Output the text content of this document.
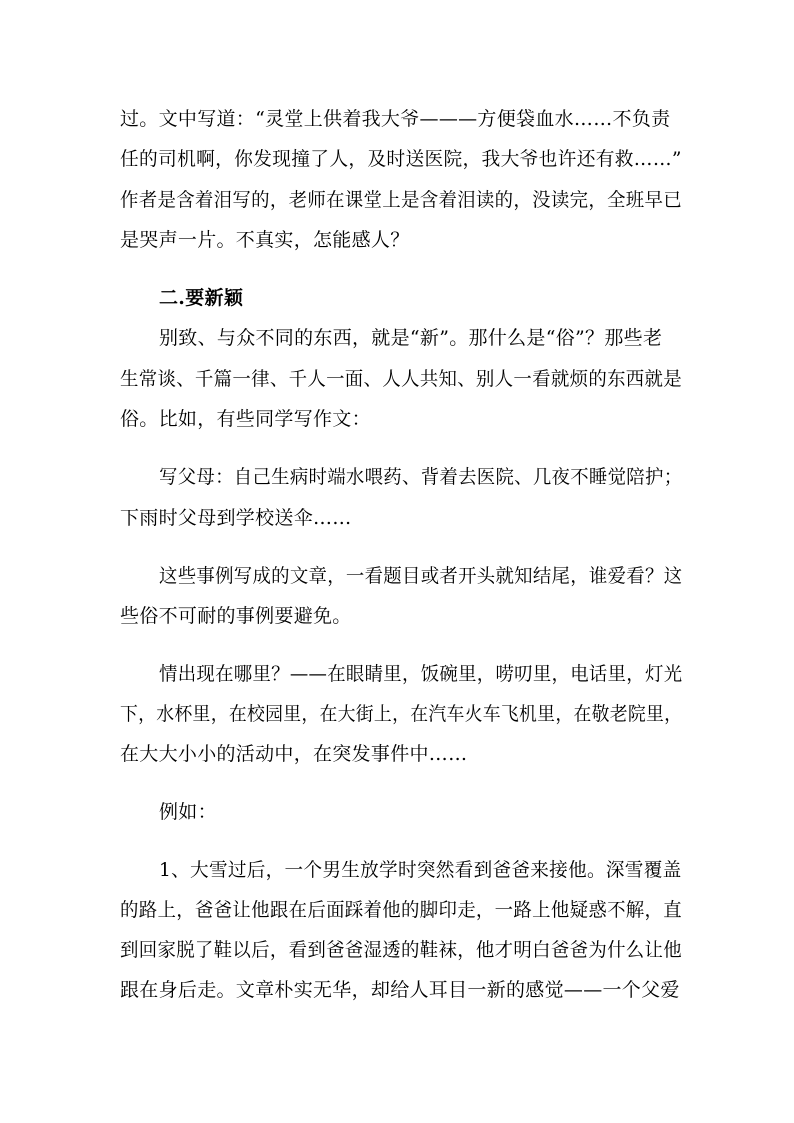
过。文中写道：“灵堂上供着我大爷———方便袋血水……不负责
任的司机啊，你发现撞了人，及时送医院，我大爷也许还有救……”
作者是含着泪写的，老师在课堂上是含着泪读的，没读完，全班早已
是哭声一片。不真实，怎能感人？
二.要新颖
别致、与众不同的东西，就是“新”。那什么是“俗”？那些老
生常谈、千篇一律、千人一面、人人共知、别人一看就烦的东西就是
俗。比如，有些同学写作文：
写父母：自己生病时端水喂药、背着去医院、几夜不睡觉陪护；
下雨时父母到学校送伞……
这些事例写成的文章，一看题目或者开头就知结尾，谁爱看？这
些俗不可耐的事例要避免。
情出现在哪里？——在眼睛里，饭碗里，唠叨里，电话里，灯光
下，水杯里，在校园里，在大街上，在汽车火车飞机里，在敬老院里，
在大大小小的活动中，在突发事件中……
例如：
1、大雪过后，一个男生放学时突然看到爸爸来接他。深雪覆盖
的路上，爸爸让他跟在后面踩着他的脚印走，一路上他疑惑不解，直
到回家脱了鞋以后，看到爸爸湿透的鞋袜，他才明白爸爸为什么让他
跟在身后走。文章朴实无华，却给人耳目一新的感觉——一个父爱
